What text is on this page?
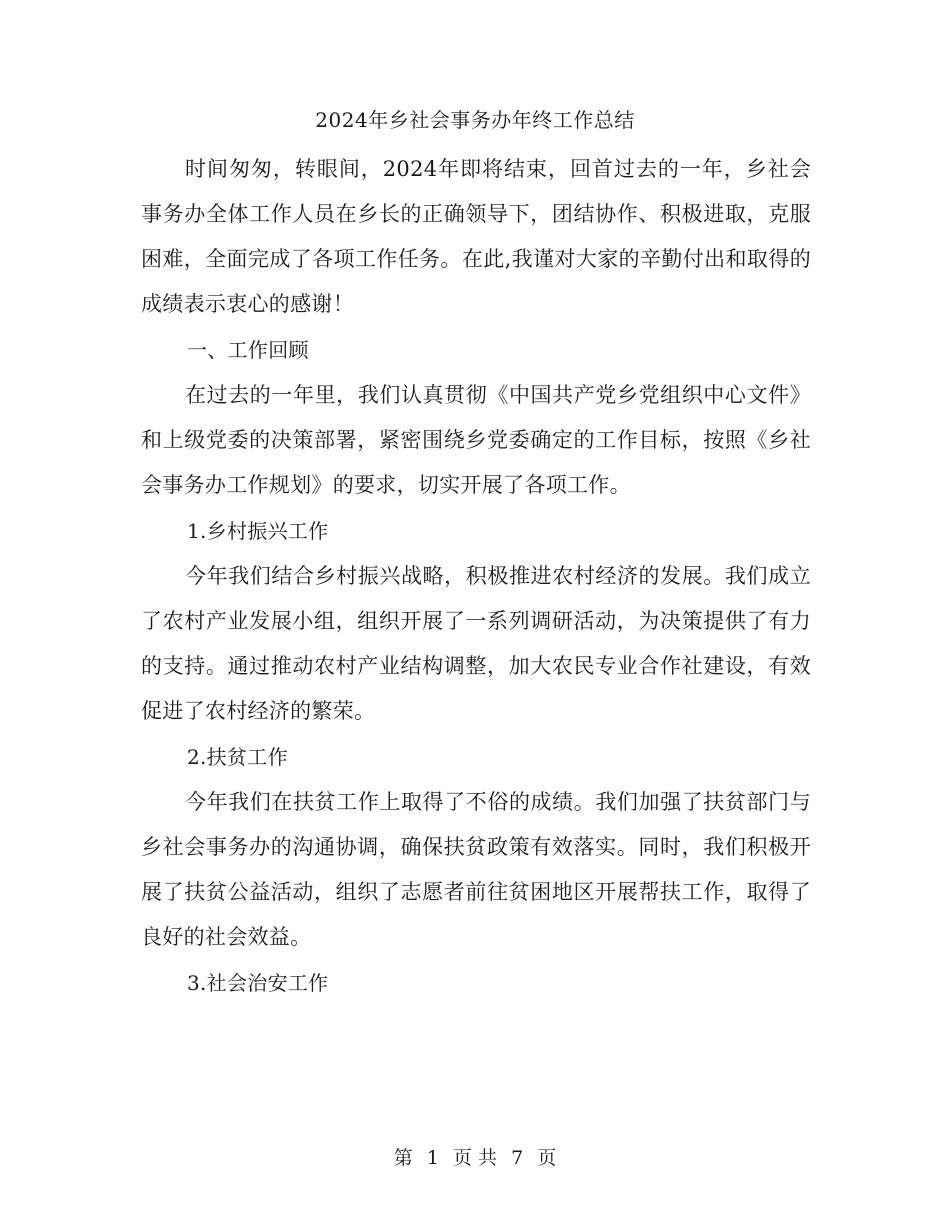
2024年乡社会事务办年终工作总结

时间匆匆，转眼间，2024年即将结束，回首过去的一年，乡社会事务办全体工作人员在乡长的正确领导下，团结协作、积极进取，克服困难，全面完成了各项工作任务。在此,我谨对大家的辛勤付出和取得的成绩表示衷心的感谢！

一、工作回顾

在过去的一年里，我们认真贯彻《中国共产党乡党组织中心文件》和上级党委的决策部署，紧密围绕乡党委确定的工作目标，按照《乡社会事务办工作规划》的要求，切实开展了各项工作。

1.乡村振兴工作

今年我们结合乡村振兴战略，积极推进农村经济的发展。我们成立了农村产业发展小组，组织开展了一系列调研活动，为决策提供了有力的支持。通过推动农村产业结构调整，加大农民专业合作社建设，有效促进了农村经济的繁荣。

2.扶贫工作

今年我们在扶贫工作上取得了不俗的成绩。我们加强了扶贫部门与乡社会事务办的沟通协调，确保扶贫政策有效落实。同时，我们积极开展了扶贫公益活动，组织了志愿者前往贫困地区开展帮扶工作，取得了良好的社会效益。

3.社会治安工作

第 1 页 共 7 页
